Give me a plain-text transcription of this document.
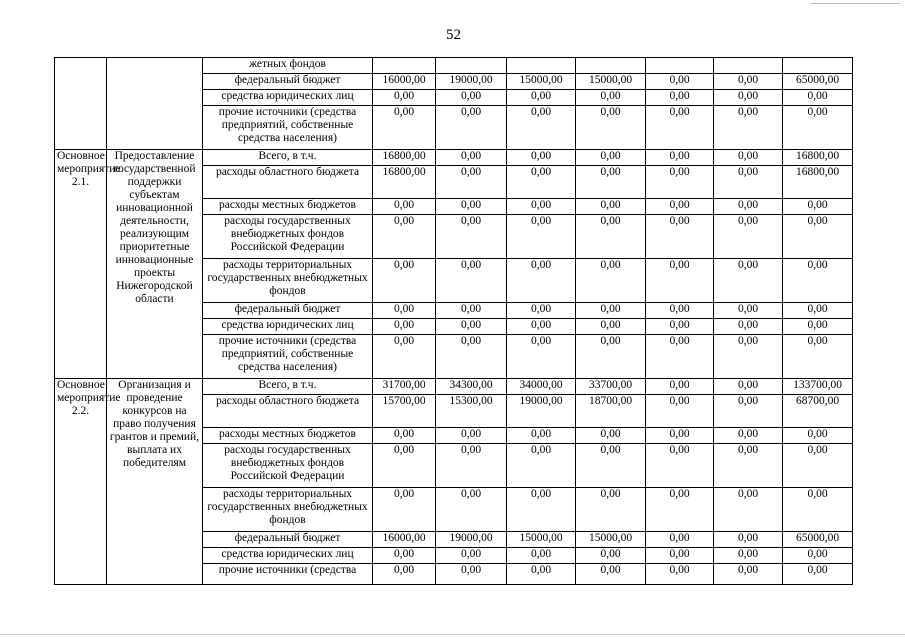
52
		жетных фондов							
		федеральный бюджет	16000,00	19000,00	15000,00	15000,00	0,00	0,00	65000,00
		средства юридических лиц	0,00	0,00	0,00	0,00	0,00	0,00	0,00
		прочие источники (средства предприятий, собственные средства населения)	0,00	0,00	0,00	0,00	0,00	0,00	0,00
Основное мероприятие 2.1.	Предоставление государственной поддержки субъектам инновационной деятельности, реализующим приоритетные инновационные проекты Нижегородской области	Всего, в т.ч.	16800,00	0,00	0,00	0,00	0,00	0,00	16800,00
		расходы областного бюджета	16800,00	0,00	0,00	0,00	0,00	0,00	16800,00
		расходы местных бюджетов	0,00	0,00	0,00	0,00	0,00	0,00	0,00
		расходы государственных внебюджетных фондов Российской Федерации	0,00	0,00	0,00	0,00	0,00	0,00	0,00
		расходы территориальных государственных внебюджетных фондов	0,00	0,00	0,00	0,00	0,00	0,00	0,00
		федеральный бюджет	0,00	0,00	0,00	0,00	0,00	0,00	0,00
		средства юридических лиц	0,00	0,00	0,00	0,00	0,00	0,00	0,00
		прочие источники (средства предприятий, собственные средства населения)	0,00	0,00	0,00	0,00	0,00	0,00	0,00
Основное мероприятие 2.2.	Организация и проведение конкурсов на право получения грантов и премий, выплата их победителям	Всего, в т.ч.	31700,00	34300,00	34000,00	33700,00	0,00	0,00	133700,00
		расходы областного бюджета	15700,00	15300,00	19000,00	18700,00	0,00	0,00	68700,00
		расходы местных бюджетов	0,00	0,00	0,00	0,00	0,00	0,00	0,00
		расходы государственных внебюджетных фондов Российской Федерации	0,00	0,00	0,00	0,00	0,00	0,00	0,00
		расходы территориальных государственных внебюджетных фондов	0,00	0,00	0,00	0,00	0,00	0,00	0,00
		федеральный бюджет	16000,00	19000,00	15000,00	15000,00	0,00	0,00	65000,00
		средства юридических лиц	0,00	0,00	0,00	0,00	0,00	0,00	0,00
		прочие источники (средства	0,00	0,00	0,00	0,00	0,00	0,00	0,00
